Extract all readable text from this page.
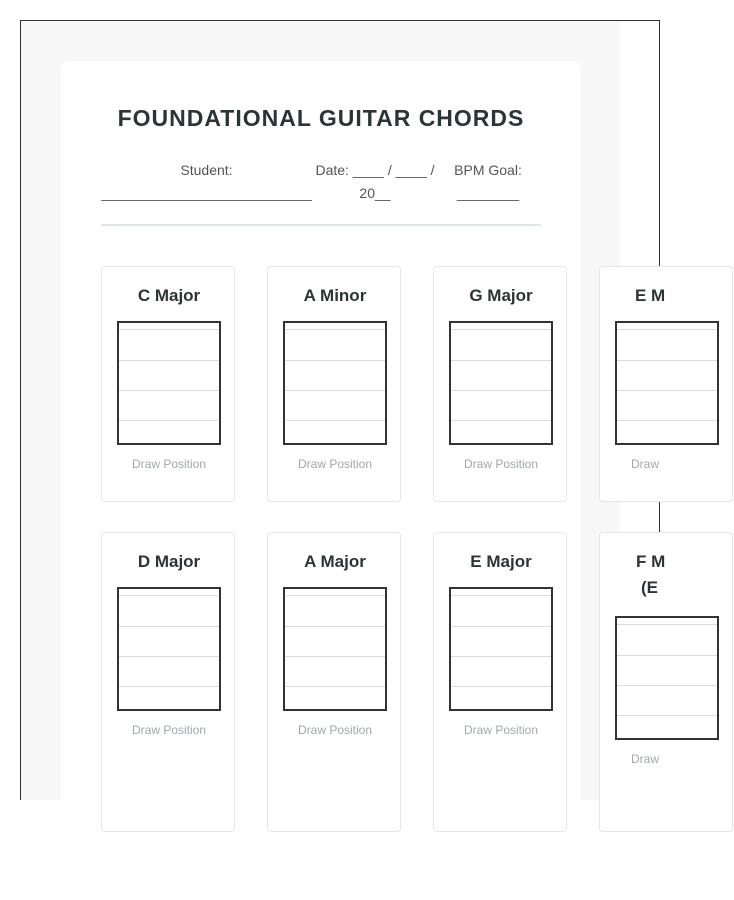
FOUNDATIONAL GUITAR CHORDS
Student:
___________________________
Date: ____ / ____ /
20__
BPM Goal:
________
C Major
Draw Position
A Minor
Draw Position
G Major
Draw Position
E M
Draw
D Major
Draw Position
A Major
Draw Position
E Major
Draw Position
F M
(E
Draw
